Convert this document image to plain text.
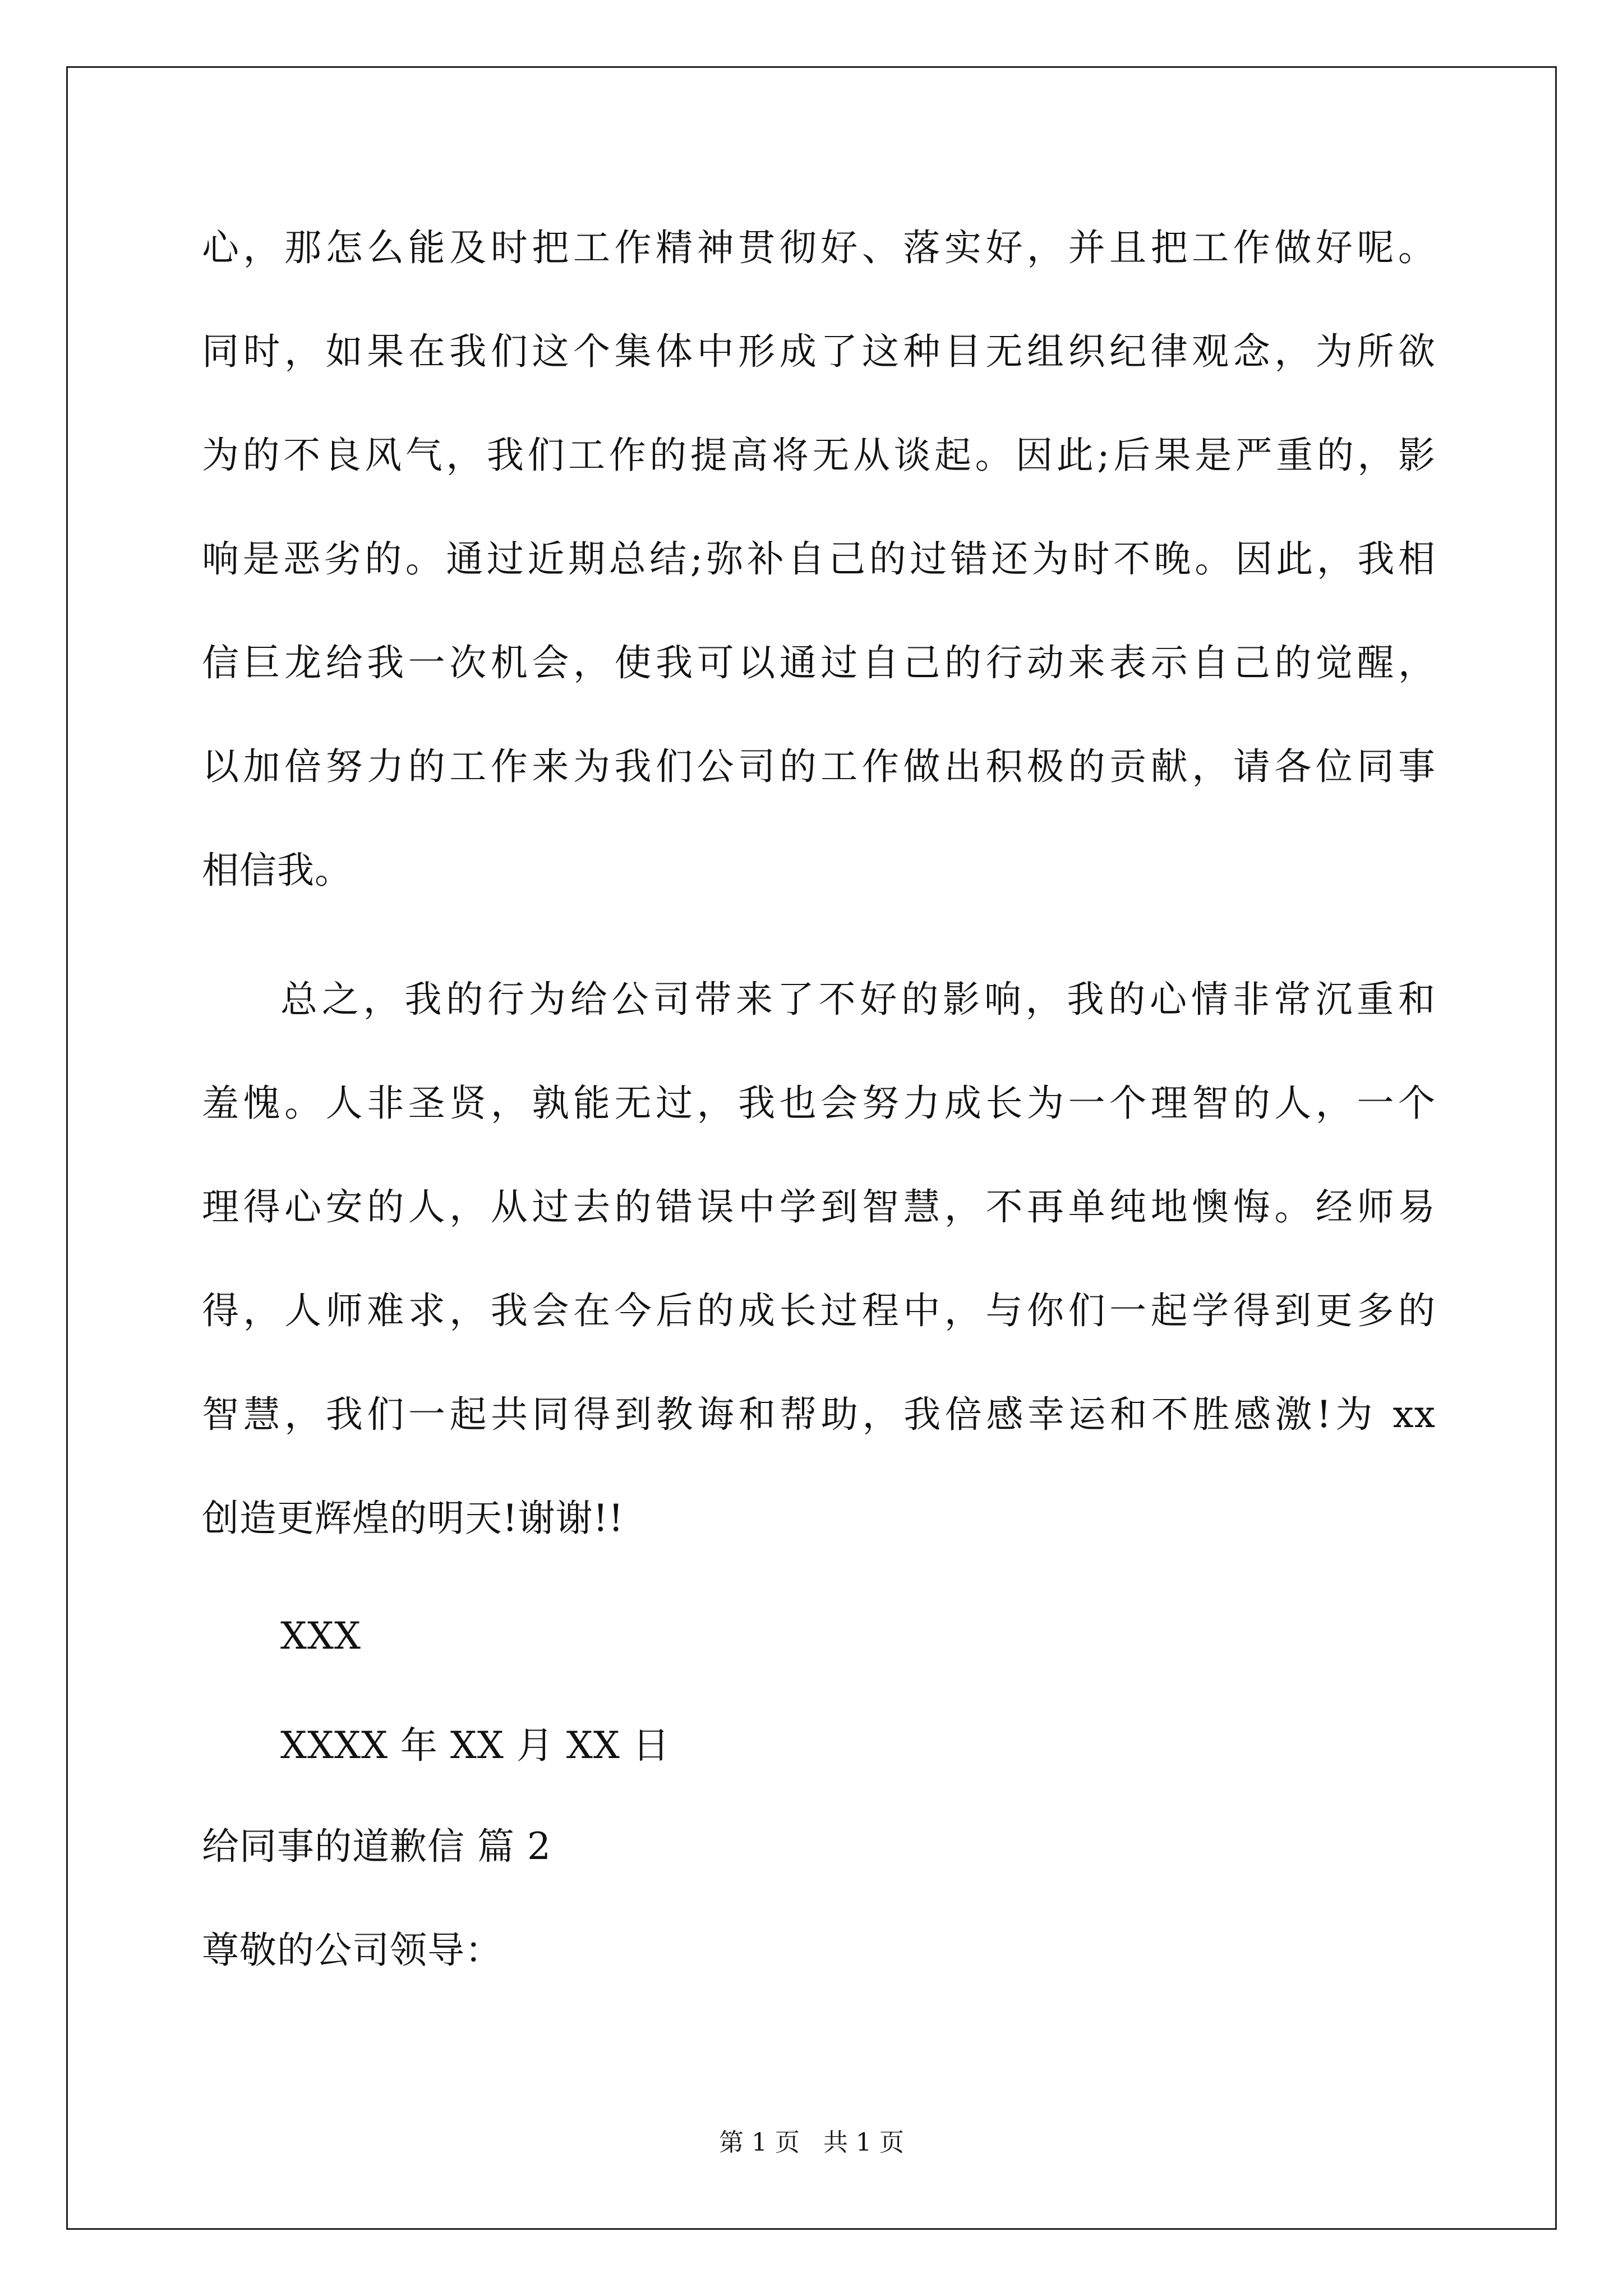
心，那怎么能及时把工作精神贯彻好、落实好，并且把工作做好呢。
同时，如果在我们这个集体中形成了这种目无组织纪律观念，为所欲
为的不良风气，我们工作的提高将无从谈起。因此;后果是严重的，影
响是恶劣的。通过近期总结;弥补自己的过错还为时不晚。因此，我相
信巨龙给我一次机会，使我可以通过自己的行动来表示自己的觉醒，
以加倍努力的工作来为我们公司的工作做出积极的贡献，请各位同事
相信我。
总之，我的行为给公司带来了不好的影响，我的心情非常沉重和
羞愧。人非圣贤，孰能无过，我也会努力成长为一个理智的人，一个
理得心安的人，从过去的错误中学到智慧，不再单纯地懊悔。经师易
得，人师难求，我会在今后的成长过程中，与你们一起学得到更多的
智慧，我们一起共同得到教诲和帮助，我倍感幸运和不胜感激!为 xx
创造更辉煌的明天!谢谢!!
XXX
XXXX 年 XX 月 XX 日
给同事的道歉信 篇 2
尊敬的公司领导：
第 1 页   共 1 页
